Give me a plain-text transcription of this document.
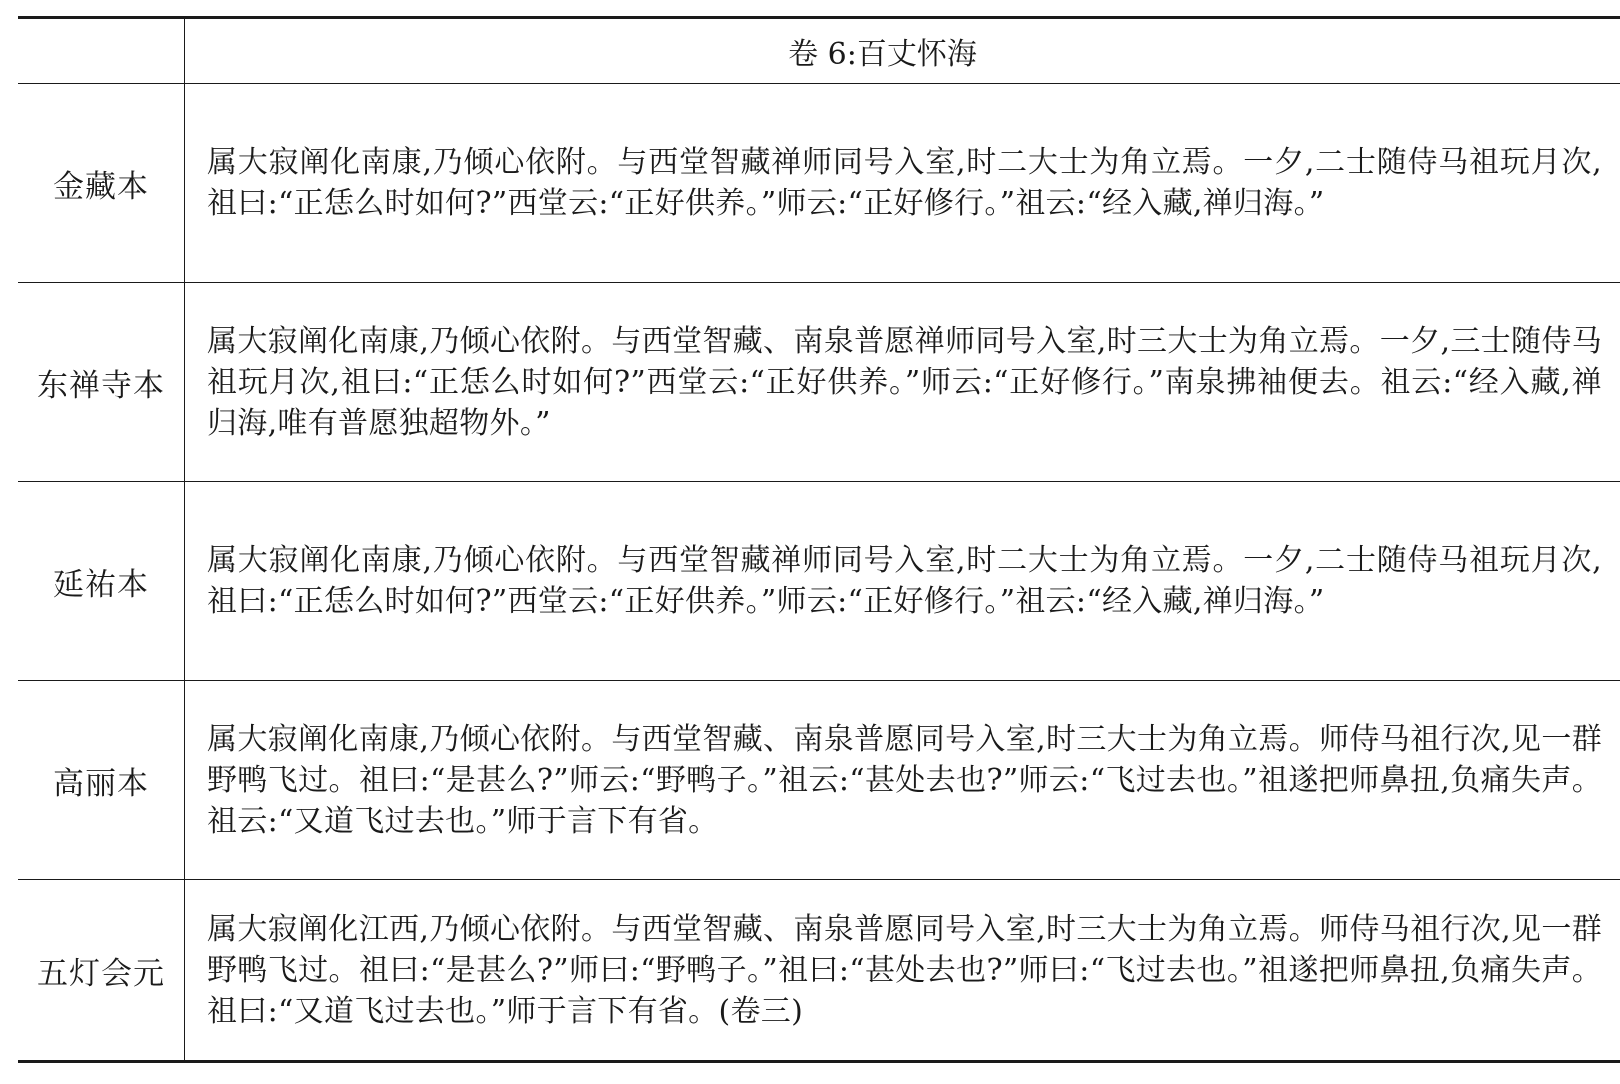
卷 6:百丈怀海
金藏本
属大寂阐化南康,乃倾心依附。与西堂智藏禅师同号入室,时二大士为角立焉。一夕,二士随侍马祖玩月次,祖曰:“正恁么时如何?”西堂云:“正好供养。”师云:“正好修行。”祖云:“经入藏,禅归海。”
东禅寺本
属大寂阐化南康,乃倾心依附。与西堂智藏、南泉普愿禅师同号入室,时三大士为角立焉。一夕,三士随侍马祖玩月次,祖曰:“正恁么时如何?”西堂云:“正好供养。”师云:“正好修行。”南泉拂袖便去。祖云:“经入藏,禅归海,唯有普愿独超物外。”
延祐本
属大寂阐化南康,乃倾心依附。与西堂智藏禅师同号入室,时二大士为角立焉。一夕,二士随侍马祖玩月次,祖曰:“正恁么时如何?”西堂云:“正好供养。”师云:“正好修行。”祖云:“经入藏,禅归海。”
高丽本
属大寂阐化南康,乃倾心依附。与西堂智藏、南泉普愿同号入室,时三大士为角立焉。师侍马祖行次,见一群野鸭飞过。祖曰:“是甚么?”师云:“野鸭子。”祖云:“甚处去也?”师云:“飞过去也。”祖遂把师鼻扭,负痛失声。祖云:“又道飞过去也。”师于言下有省。
五灯会元
属大寂阐化江西,乃倾心依附。与西堂智藏、南泉普愿同号入室,时三大士为角立焉。师侍马祖行次,见一群野鸭飞过。祖曰:“是甚么?”师曰:“野鸭子。”祖曰:“甚处去也?”师曰:“飞过去也。”祖遂把师鼻扭,负痛失声。祖曰:“又道飞过去也。”师于言下有省。(卷三)
